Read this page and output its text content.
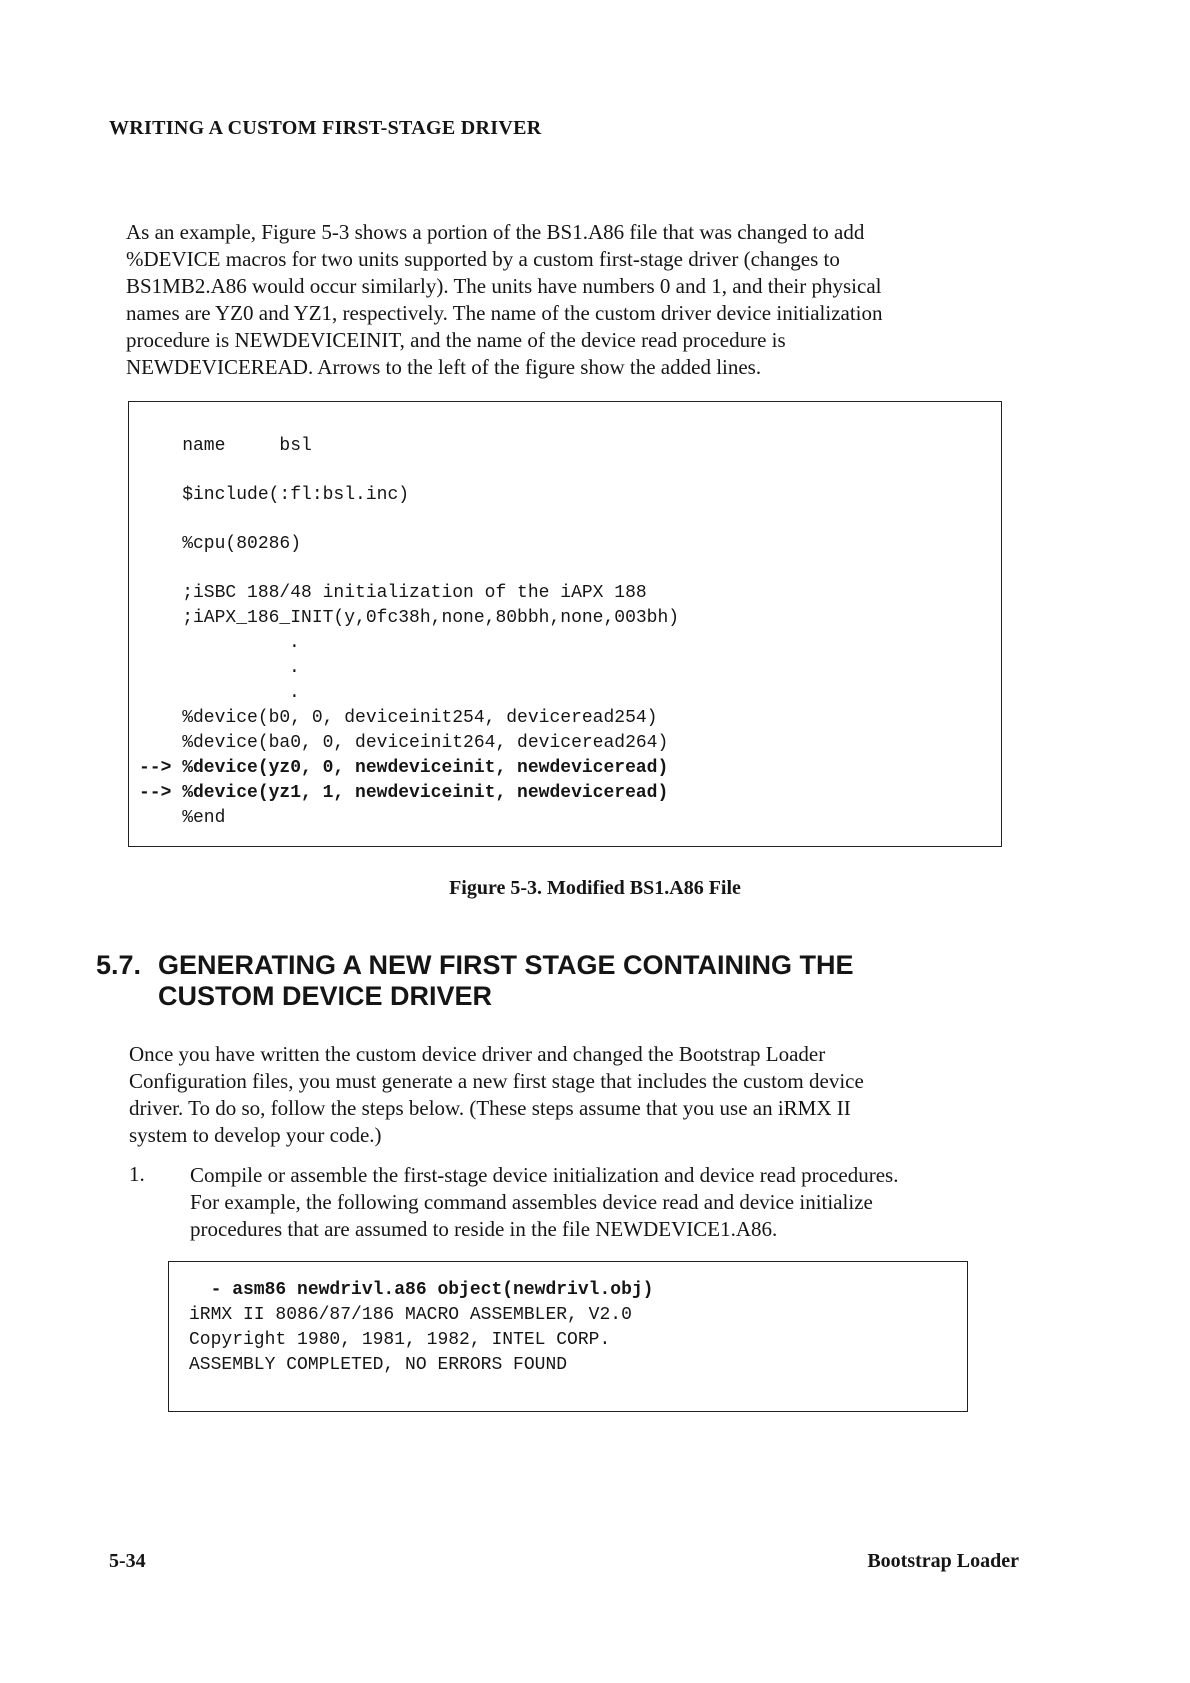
WRITING A CUSTOM FIRST-STAGE DRIVER
As an example, Figure 5-3 shows a portion of the BS1.A86 file that was changed to add
%DEVICE macros for two units supported by a custom first-stage driver (changes to
BS1MB2.A86 would occur similarly). The units have numbers 0 and 1, and their physical
names are YZ0 and YZ1, respectively. The name of the custom driver device initialization
procedure is NEWDEVICEINIT, and the name of the device read procedure is
NEWDEVICEREAD. Arrows to the left of the figure show the added lines.
name     bsl
$include(:fl:bsl.inc)
%cpu(80286)
;iSBC 188/48 initialization of the iAPX 188
;iAPX_186_INIT(y,0fc38h,none,80bbh,none,003bh)
.
.
.
%device(b0, 0, deviceinit254, deviceread254)
%device(ba0, 0, deviceinit264, deviceread264)
--> %device(yz0, 0, newdeviceinit, newdeviceread)
--> %device(yz1, 1, newdeviceinit, newdeviceread)
%end
Figure 5-3. Modified BS1.A86 File
5.7. GENERATING A NEW FIRST STAGE CONTAINING THE
CUSTOM DEVICE DRIVER
Once you have written the custom device driver and changed the Bootstrap Loader
Configuration files, you must generate a new first stage that includes the custom device
driver. To do so, follow the steps below. (These steps assume that you use an iRMX II
system to develop your code.)
1. Compile or assemble the first-stage device initialization and device read procedures.
For example, the following command assembles device read and device initialize
procedures that are assumed to reside in the file NEWDEVICE1.A86.
- asm86 newdrivl.a86 object(newdrivl.obj)
iRMX II 8086/87/186 MACRO ASSEMBLER, V2.0
Copyright 1980, 1981, 1982, INTEL CORP.
ASSEMBLY COMPLETED, NO ERRORS FOUND
5-34	Bootstrap Loader
